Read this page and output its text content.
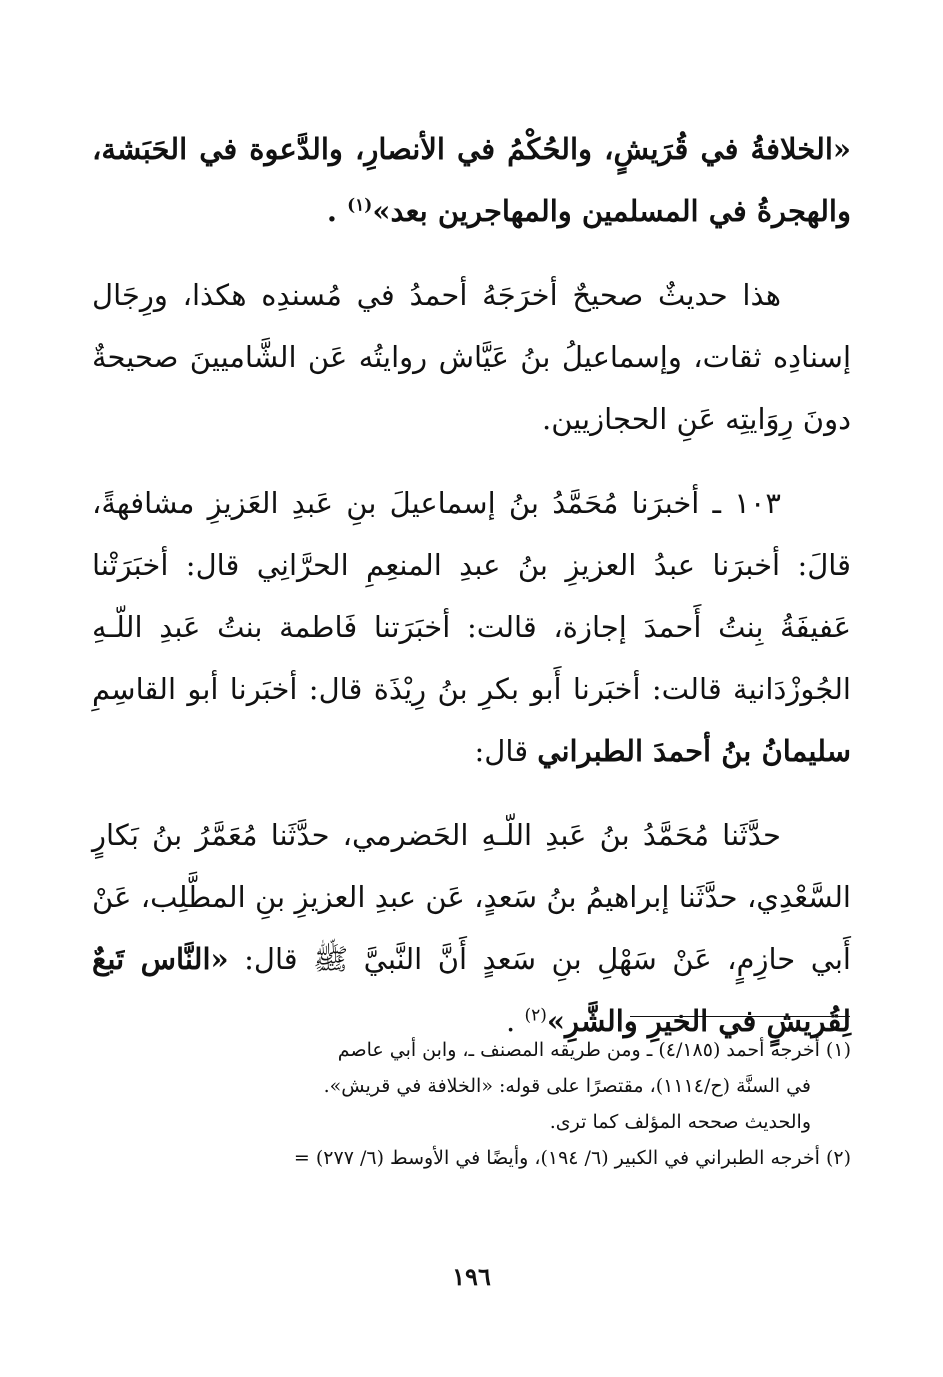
«الخلافةُ في قُرَيشٍ، والحُكْمُ في الأنصارِ، والدَّعوة في الحَبَشة، والهجرةُ في المسلمين والمهاجرين بعد»$^{(١)}$ .

هذا حديثٌ صحيحٌ أخرَجَهُ أحمدُ في مُسندِه هكذا، ورِجَال إسنادِه ثقات، وإسماعيلُ بنُ عَيَّاش روايتُه عَن الشَّاميينَ صحيحةٌ دونَ رِوَايتِه عَنِ الحجازيين.

١٠٣ ـ أخبرَنا مُحَمَّدُ بنُ إسماعيلَ بنِ عَبدِ العَزيزِ مشافهةً، قالَ: أخبرَنا عبدُ العزيزِ بنُ عبدِ المنعِمِ الحرَّانِي قال: أخبَرَتْنا عَفيفَةُ بِنتُ أَحمدَ إجازة، قالت: أخبَرَتنا فَاطمة بنتُ عَبدِ اللّـهِ الجُوزْدَانية قالت: أخبَرنا أَبو بكرِ بنُ رِيْذَة قال: أخبَرنا أبو القاسِمِ سليمانُ بنُ أحمدَ الطبراني قال:

حدَّثَنا مُحَمَّدُ بنُ عَبدِ اللّـهِ الحَضرمي، حدَّثَنا مُعَمَّرُ بنُ بَكارٍ السَّعْدِي، حدَّثَنا إبراهيمُ بنُ سَعدٍ، عَن عبدِ العزيزِ بنِ المطَّلِب، عَنْ أَبي حازِمٍ، عَنْ سَهْلِ بنِ سَعدٍ أَنَّ النَّبيَّ ﷺ قال: «النَّاس تَبعٌ لِقُريشٍ في الخيرِ والشَّرِ»$^{(٢)}$ .

(١) أخرجه أحمد (٤/١٨٥) ـ ومن طريقه المصنف ـ، وابن أبي عاصم

في السنَّة (ح/١١١٤)، مقتصرًا على قوله: «الخلافة في قريش».

والحديث صححه المؤلف كما ترى.

(٢) أخرجه الطبراني في الكبير (٦/ ١٩٤)، وأيضًا في الأوسط (٦/ ٢٧٧) =

١٩٦
